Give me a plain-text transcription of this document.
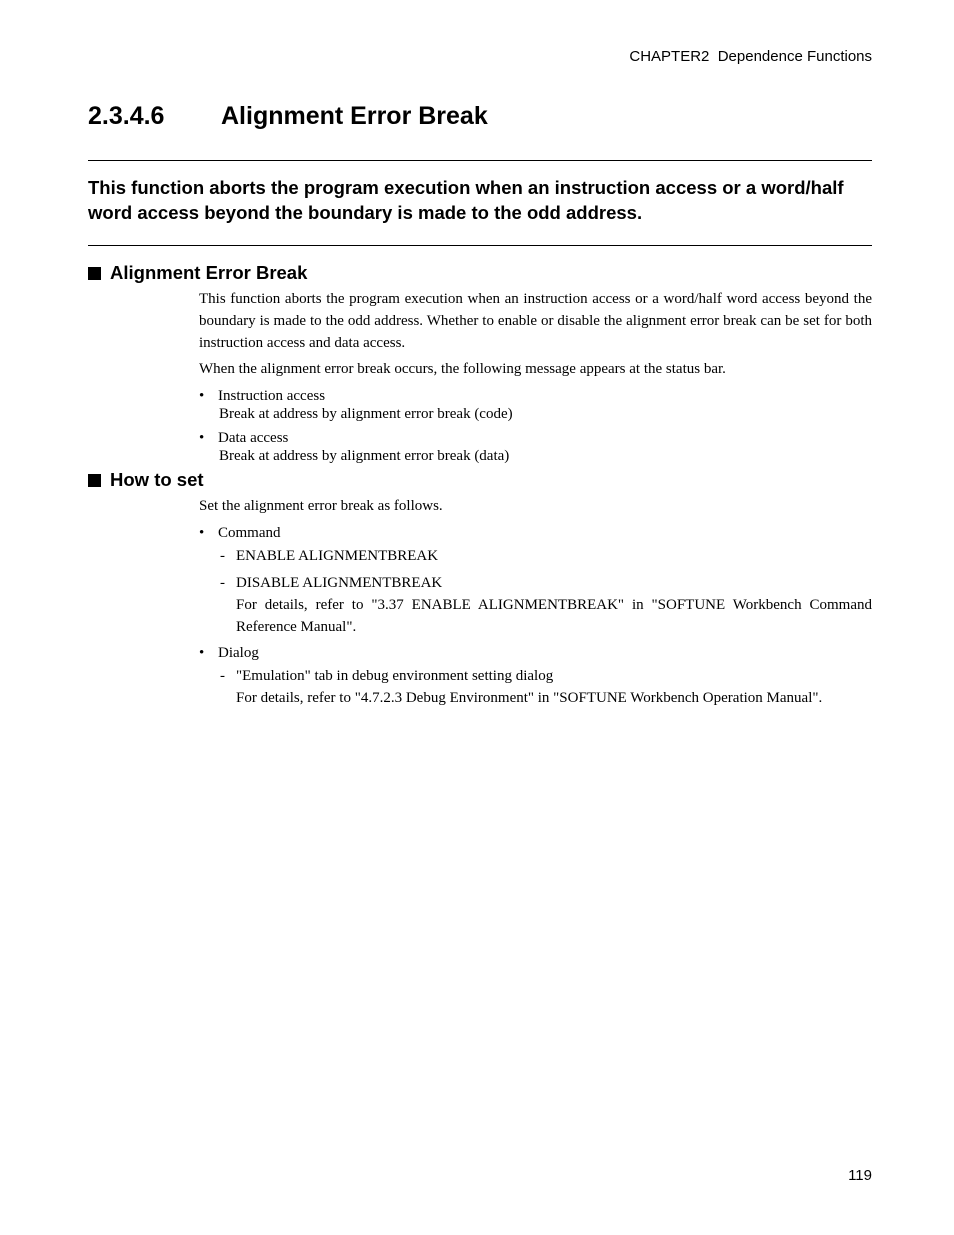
CHAPTER2  Dependence Functions
2.3.4.6 Alignment Error Break
This function aborts the program execution when an instruction access or a word/half word access beyond the boundary is made to the odd address.
Alignment Error Break
This function aborts the program execution when an instruction access or a word/half word access beyond the boundary is made to the odd address. Whether to enable or disable the alignment error break can be set for both instruction access and data access.
When the alignment error break occurs, the following message appears at the status bar.
• Instruction access
Break at address by alignment error break (code)
• Data access
Break at address by alignment error break (data)
How to set
Set the alignment error break as follows.
• Command
- ENABLE ALIGNMENTBREAK
- DISABLE ALIGNMENTBREAK
For details, refer to "3.37 ENABLE ALIGNMENTBREAK" in "SOFTUNE Workbench Command Reference Manual".
• Dialog
- "Emulation" tab in debug environment setting dialog
For details, refer to "4.7.2.3 Debug Environment" in "SOFTUNE Workbench Operation Manual".
119
